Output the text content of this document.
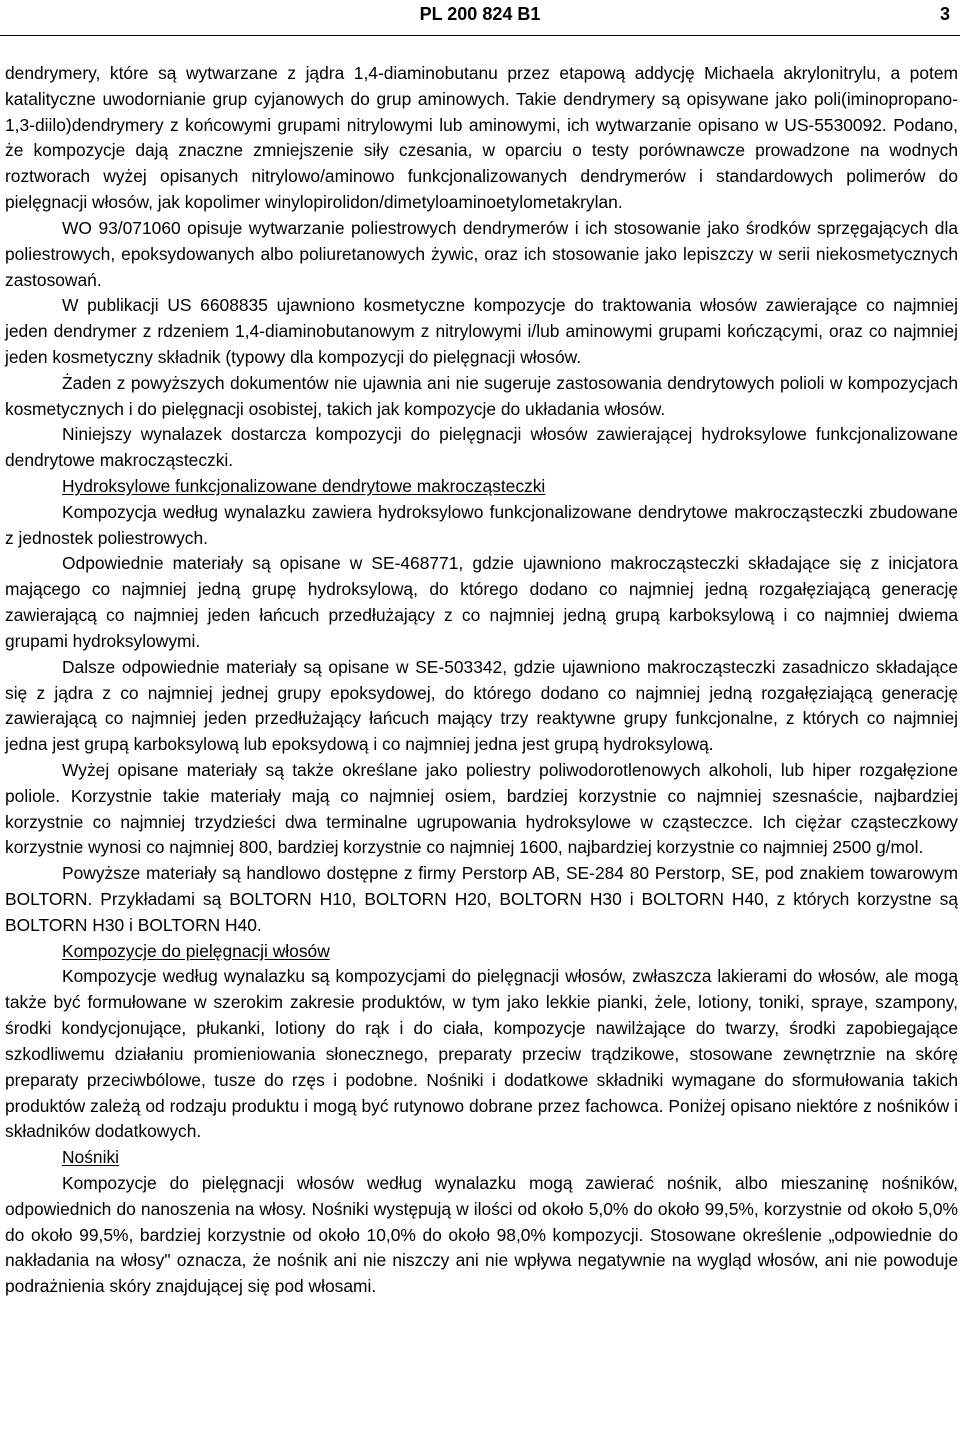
PL 200 824 B1	3

dendrymery, które są wytwarzane z jądra 1,4-diaminobutanu przez etapową addycję Michaela akrylonitrylu, a potem katalityczne uwodornianie grup cyjanowych do grup aminowych. Takie dendrymery są opisywane jako poli(iminopropano-1,3-diilo)dendrymery z końcowymi grupami nitrylowymi lub aminowymi, ich wytwarzanie opisano w US-5530092. Podano, że kompozycje dają znaczne zmniejszenie siły czesania, w oparciu o testy porównawcze prowadzone na wodnych roztworach wyżej opisanych nitrylowo/aminowo funkcjonalizowanych dendrymerów i standardowych polimerów do pielęgnacji włosów, jak kopolimer winylopirolidon/dimetyloaminoetylometakrylan.

WO 93/071060 opisuje wytwarzanie poliestrowych dendrymerów i ich stosowanie jako środków sprzęgających dla poliestrowych, epoksydowanych albo poliuretanowych żywic, oraz ich stosowanie jako lepiszczy w serii niekosmetycznych zastosowań.

W publikacji US 6608835 ujawniono kosmetyczne kompozycje do traktowania włosów zawierające co najmniej jeden dendrymer z rdzeniem 1,4-diaminobutanowym z nitrylowymi i/lub aminowymi grupami kończącymi, oraz co najmniej jeden kosmetyczny składnik (typowy dla kompozycji do pielęgnacji włosów.

Żaden z powyższych dokumentów nie ujawnia ani nie sugeruje zastosowania dendrytowych polioli w kompozycjach kosmetycznych i do pielęgnacji osobistej, takich jak kompozycje do układania włosów.

Niniejszy wynalazek dostarcza kompozycji do pielęgnacji włosów zawierającej hydroksylowe funkcjonalizowane dendrytowe makrocząsteczki.

Hydroksylowe funkcjonalizowane dendrytowe makrocząsteczki

Kompozycja według wynalazku zawiera hydroksylowo funkcjonalizowane dendrytowe makrocząsteczki zbudowane z jednostek poliestrowych.

Odpowiednie materiały są opisane w SE-468771, gdzie ujawniono makrocząsteczki składające się z inicjatora mającego co najmniej jedną grupę hydroksylową, do którego dodano co najmniej jedną rozgałęziającą generację zawierającą co najmniej jeden łańcuch przedłużający z co najmniej jedną grupą karboksylową i co najmniej dwiema grupami hydroksylowymi.

Dalsze odpowiednie materiały są opisane w SE-503342, gdzie ujawniono makrocząsteczki zasadniczo składające się z jądra z co najmniej jednej grupy epoksydowej, do którego dodano co najmniej jedną rozgałęziającą generację zawierającą co najmniej jeden przedłużający łańcuch mający trzy reaktywne grupy funkcjonalne, z których co najmniej jedna jest grupą karboksylową lub epoksydową i co najmniej jedna jest grupą hydroksylową.

Wyżej opisane materiały są także określane jako poliestry poliwodorotlenowych alkoholi, lub hiper rozgałęzione poliole. Korzystnie takie materiały mają co najmniej osiem, bardziej korzystnie co najmniej szesnaście, najbardziej korzystnie co najmniej trzydzieści dwa terminalne ugrupowania hydroksylowe w cząsteczce. Ich ciężar cząsteczkowy korzystnie wynosi co najmniej 800, bardziej korzystnie co najmniej 1600, najbardziej korzystnie co najmniej 2500 g/mol.

Powyższe materiały są handlowo dostępne z firmy Perstorp AB, SE-284 80 Perstorp, SE, pod znakiem towarowym BOLTORN. Przykładami są BOLTORN H10, BOLTORN H20, BOLTORN H30 i BOLTORN H40, z których korzystne są BOLTORN H30 i BOLTORN H40.

Kompozycje do pielęgnacji włosów

Kompozycje według wynalazku są kompozycjami do pielęgnacji włosów, zwłaszcza lakierami do włosów, ale mogą także być formułowane w szerokim zakresie produktów, w tym jako lekkie pianki, żele, lotiony, toniki, spraye, szampony, środki kondycjonujące, płukanki, lotiony do rąk i do ciała, kompozycje nawilżające do twarzy, środki zapobiegające szkodliwemu działaniu promieniowania słonecznego, preparaty przeciw trądzikowe, stosowane zewnętrznie na skórę preparaty przeciwbólowe, tusze do rzęs i podobne. Nośniki i dodatkowe składniki wymagane do sformułowania takich produktów zależą od rodzaju produktu i mogą być rutynowo dobrane przez fachowca. Poniżej opisano niektóre z nośników i składników dodatkowych.

Nośniki

Kompozycje do pielęgnacji włosów według wynalazku mogą zawierać nośnik, albo mieszaninę nośników, odpowiednich do nanoszenia na włosy. Nośniki występują w ilości od około 5,0% do około 99,5%, korzystnie od około 5,0% do około 99,5%, bardziej korzystnie od około 10,0% do około 98,0% kompozycji. Stosowane określenie „odpowiednie do nakładania na włosy" oznacza, że nośnik ani nie niszczy ani nie wpływa negatywnie na wygląd włosów, ani nie powoduje podrażnienia skóry znajdującej się pod włosami.
